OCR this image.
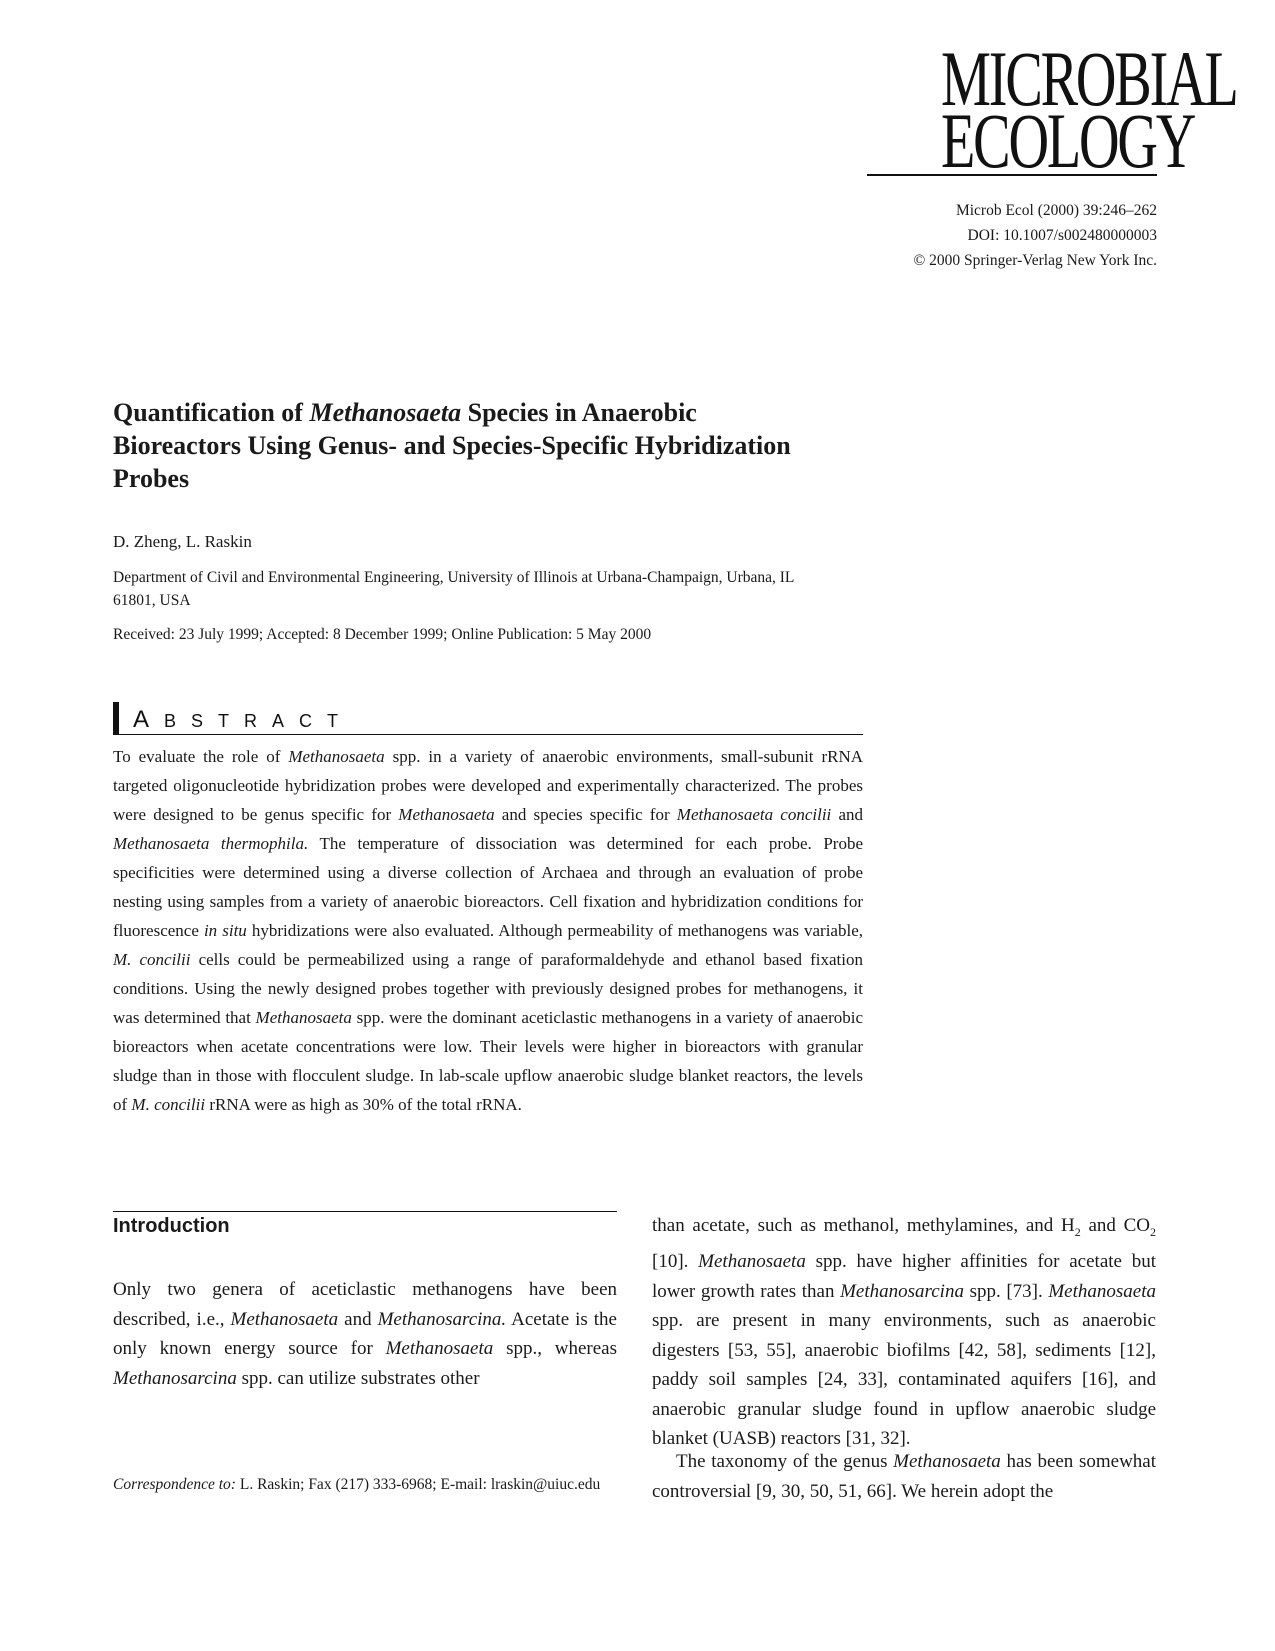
MICROBIAL
ECOLOGY
Microb Ecol (2000) 39:246–262
DOI: 10.1007/s002480000003
© 2000 Springer-Verlag New York Inc.
Quantification of Methanosaeta Species in Anaerobic Bioreactors Using Genus- and Species-Specific Hybridization Probes
D. Zheng, L. Raskin
Department of Civil and Environmental Engineering, University of Illinois at Urbana-Champaign, Urbana, IL 61801, USA
Received: 23 July 1999; Accepted: 8 December 1999; Online Publication: 5 May 2000
ABSTRACT

To evaluate the role of Methanosaeta spp. in a variety of anaerobic environments, small-subunit rRNA targeted oligonucleotide hybridization probes were developed and experimentally characterized. The probes were designed to be genus specific for Methanosaeta and species specific for Methanosaeta concilii and Methanosaeta thermophila. The temperature of dissociation was determined for each probe. Probe specificities were determined using a diverse collection of Archaea and through an evaluation of probe nesting using samples from a variety of anaerobic bioreactors. Cell fixation and hybridization conditions for fluorescence in situ hybridizations were also evaluated. Although permeability of methanogens was variable, M. concilii cells could be permeabilized using a range of paraformaldehyde and ethanol based fixation conditions. Using the newly designed probes together with previously designed probes for methanogens, it was determined that Methanosaeta spp. were the dominant aceticlastic methanogens in a variety of anaerobic bioreactors when acetate concentrations were low. Their levels were higher in bioreactors with granular sludge than in those with flocculent sludge. In lab-scale upflow anaerobic sludge blanket reactors, the levels of M. concilii rRNA were as high as 30% of the total rRNA.

Introduction

Only two genera of aceticlastic methanogens have been described, i.e., Methanosaeta and Methanosarcina. Acetate is the only known energy source for Methanosaeta spp., whereas Methanosarcina spp. can utilize substrates other

Correspondence to: L. Raskin; Fax (217) 333-6968; E-mail: lraskin@uiuc.edu

than acetate, such as methanol, methylamines, and $H_2$ and $CO_2$ [10]. Methanosaeta spp. have higher affinities for acetate but lower growth rates than Methanosarcina spp. [73]. Methanosaeta spp. are present in many environments, such as anaerobic digesters [53, 55], anaerobic biofilms [42, 58], sediments [12], paddy soil samples [24, 33], contaminated aquifers [16], and anaerobic granular sludge found in upflow anaerobic sludge blanket (UASB) reactors [31, 32].

The taxonomy of the genus Methanosaeta has been somewhat controversial [9, 30, 50, 51, 66]. We herein adopt the
